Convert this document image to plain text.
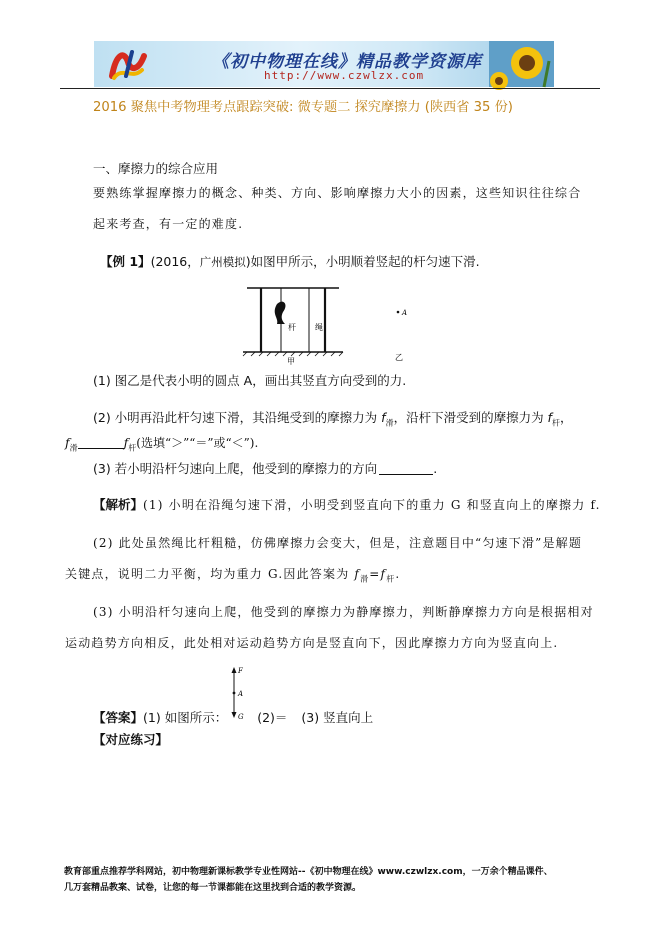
《初中物理在线》精品教学资源库
http://www.czwlzx.com
2016 聚焦中考物理考点跟踪突破: 微专题二 探究摩擦力 (陕西省 35 份)
一、摩擦力的综合应用
要熟练掌握摩擦力的概念、种类、方向、影响摩擦力大小的因素，这些知识往往综合
起来考查，有一定的难度.
【例 1】(2016，广州模拟)如图甲所示，小明顺着竖起的杆匀速下滑.
杆 绳
A
甲	乙
(1) 图乙是代表小明的圆点 A，画出其竖直方向受到的力.
(2) 小明再沿此杆匀速下滑，其沿绳受到的摩擦力为 $f_滑$，沿杆下滑受到的摩擦力为 $f_杆$，
$f_滑$	$f_杆$(选填“＞”“＝”或“＜”).
(3) 若小明沿杆匀速向上爬，他受到的摩擦力的方向	.
【解析】(1) 小明在沿绳匀速下滑，小明受到竖直向下的重力 G 和竖直向上的摩擦力 f.
(2) 此处虽然绳比杆粗糙，仿佛摩擦力会变大，但是，注意题目中“匀速下滑”是解题
关键点，说明二力平衡，均为重力 G.因此答案为 $f_滑=f_杆$.
(3) 小明沿杆匀速向上爬，他受到的摩擦力为静摩擦力，判断静摩擦力方向是根据相对
运动趋势方向相反，此处相对运动趋势方向是竖直向下，因此摩擦力方向为竖直向上.
F
A
G
【答案】(1) 如图所示： (2)＝ (3) 竖直向上
【对应练习】
教育部重点推荐学科网站，初中物理新课标教学专业性网站--《初中物理在线》www.czwlzx.com，一万余个精品课件、
几万套精品教案、试卷，让您的每一节课都能在这里找到合适的教学资源。
